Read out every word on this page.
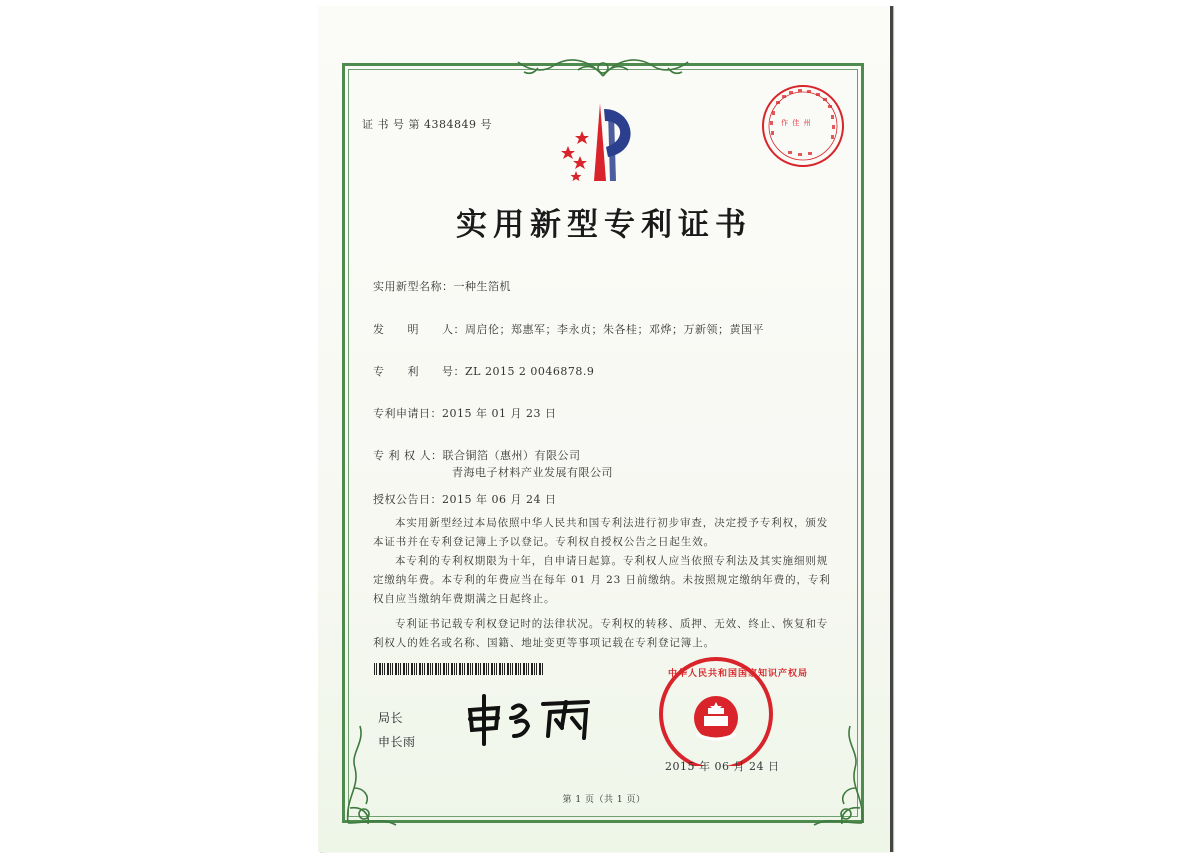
证 书 号 第 4384849 号	作 佳 州
实用新型专利证书
实用新型名称：一种生箔机
发　　明　　人：周启伦；郑惠军；李永贞；朱各桂；邓烨；万新领；黄国平
专　　利　　号：ZL 2015 2 0046878.9
专利申请日：2015 年 01 月 23 日
专 利 权 人：联合铜箔（惠州）有限公司
青海电子材料产业发展有限公司
授权公告日：2015 年 06 月 24 日

本实用新型经过本局依照中华人民共和国专利法进行初步审查，决定授予专利权，颁发本证书并在专利登记簿上予以登记。专利权自授权公告之日起生效。

本专利的专利权期限为十年，自申请日起算。专利权人应当依照专利法及其实施细则规定缴纳年费。本专利的年费应当在每年 01 月 23 日前缴纳。未按照规定缴纳年费的，专利权自应当缴纳年费期满之日起终止。

专利证书记载专利权登记时的法律状况。专利权的转移、质押、无效、终止、恢复和专利权人的姓名或名称、国籍、地址变更等事项记载在专利登记簿上。

局长
申长雨
中华人民共和国国家知识产权局
2015 年 06 月 24 日
第 1 页（共 1 页）
